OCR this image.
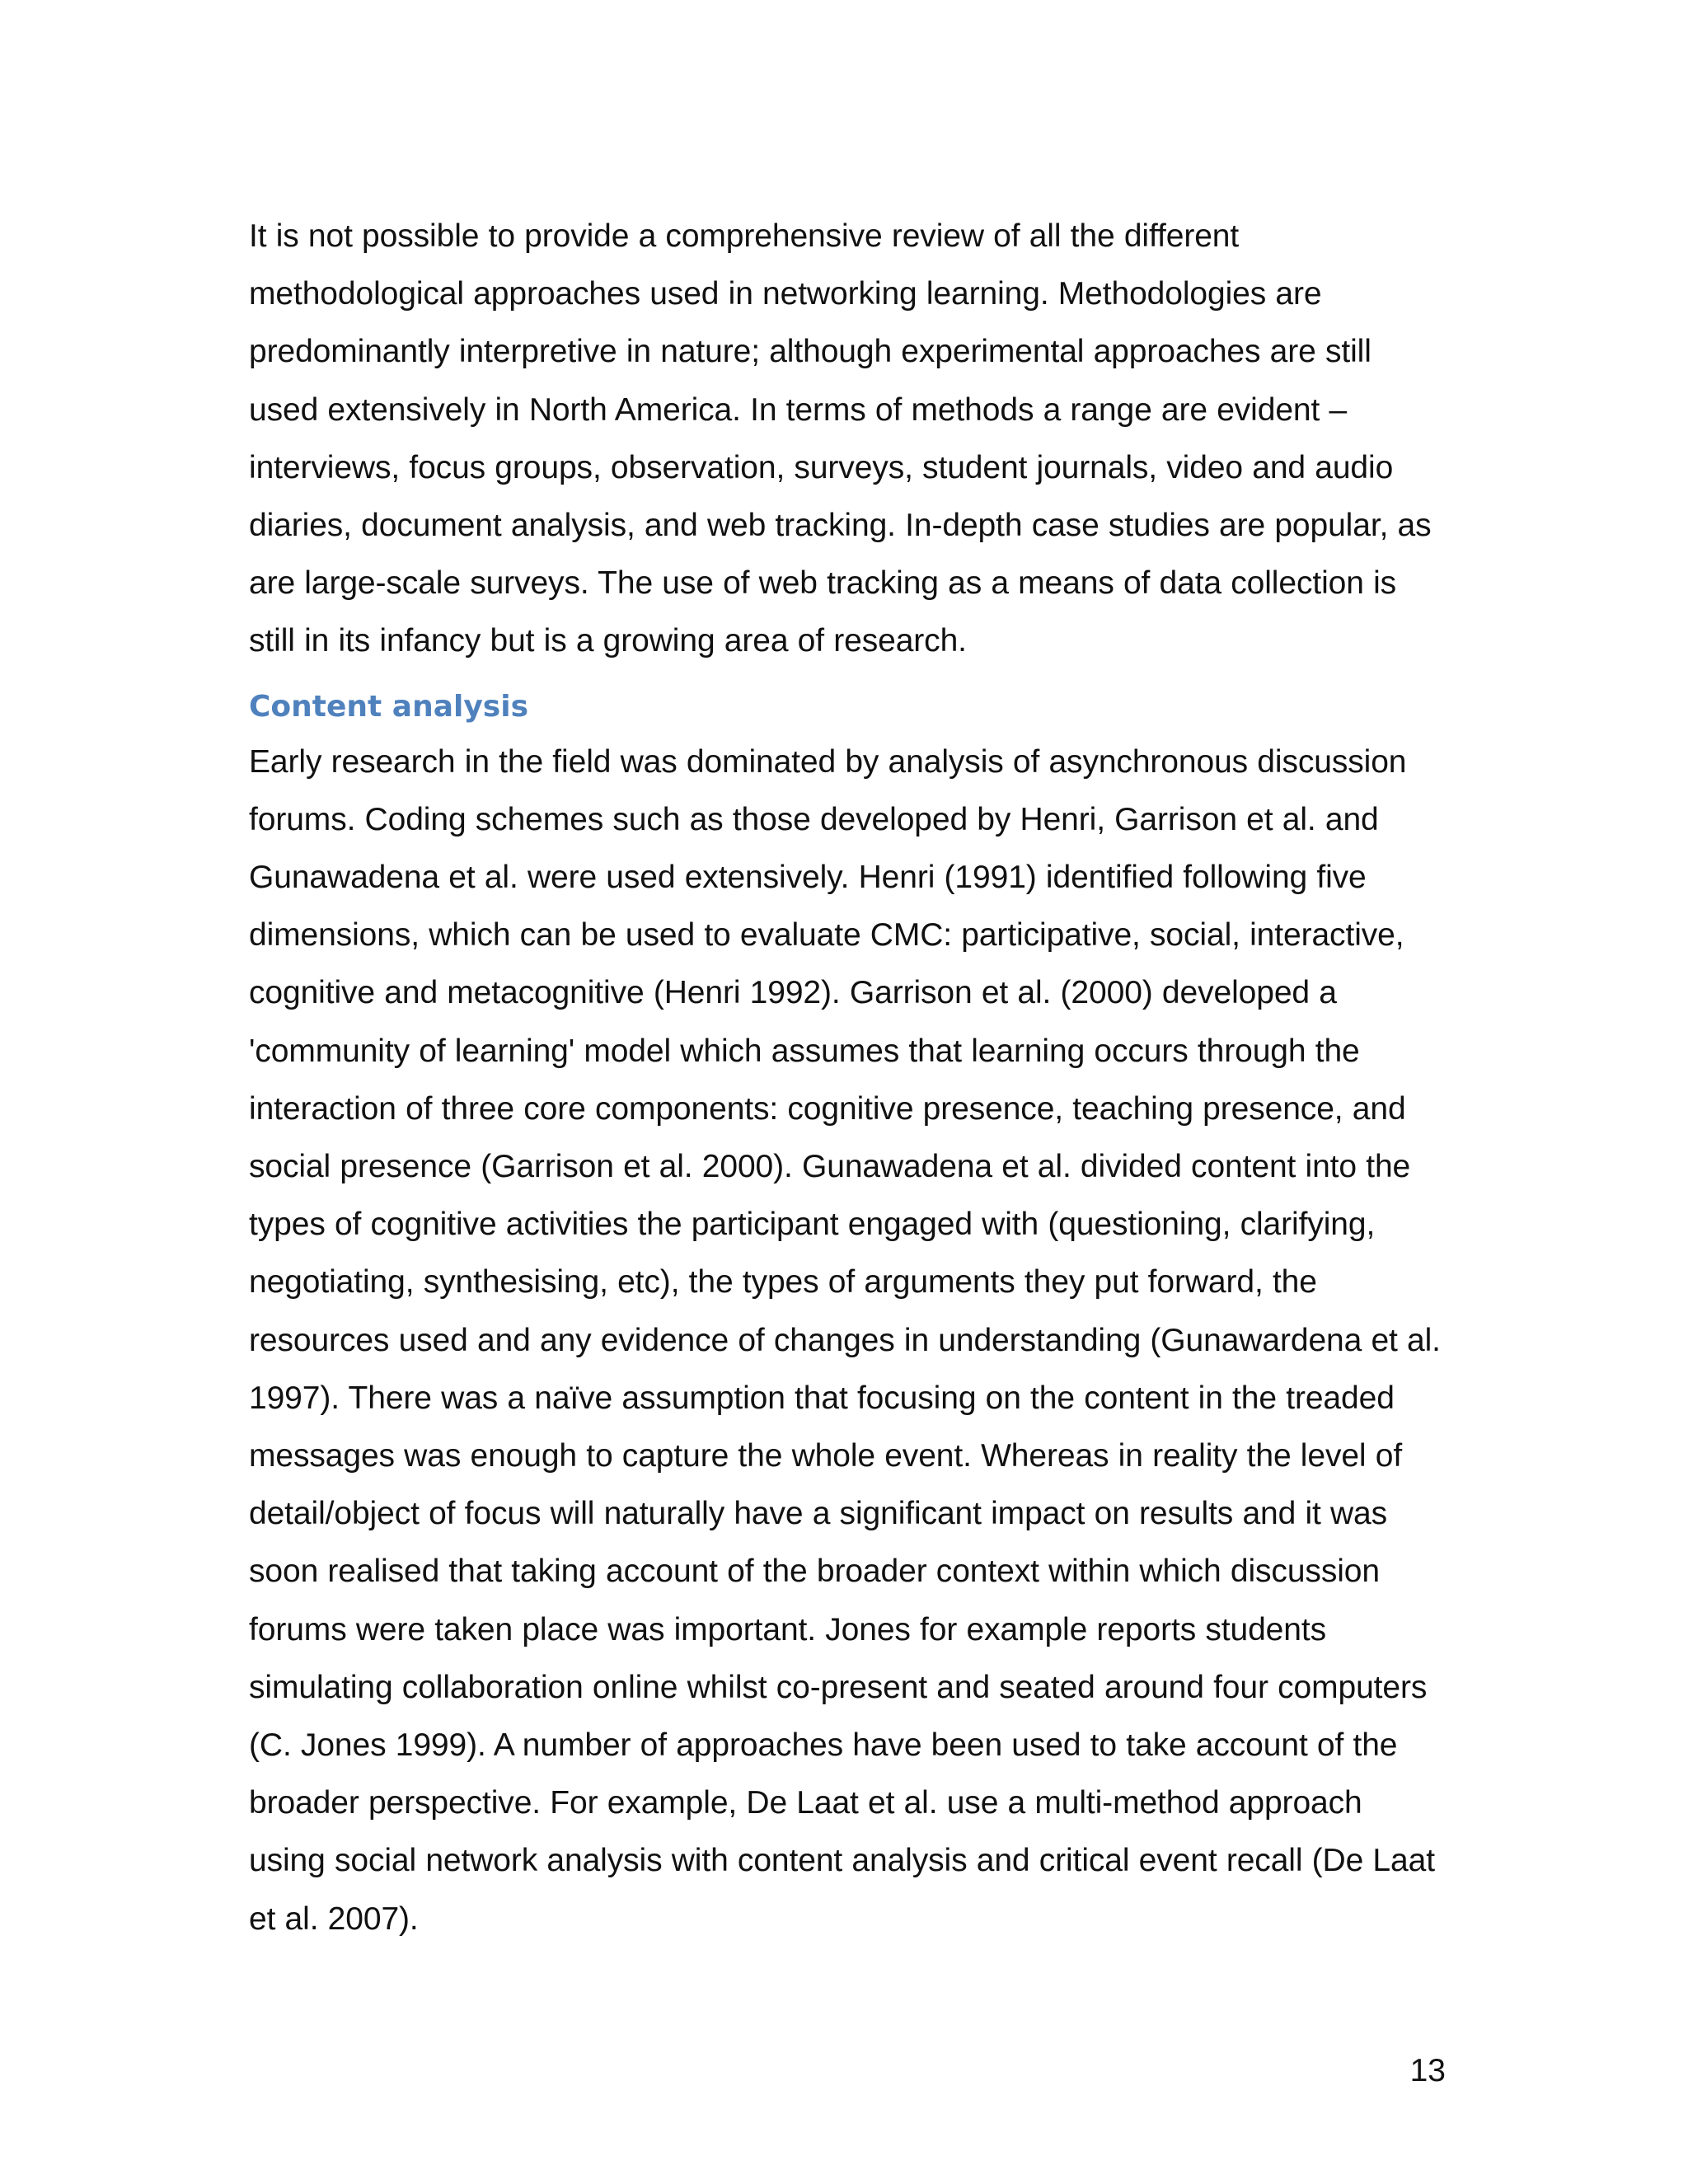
It is not possible to provide a comprehensive review of all the different methodological approaches used in networking learning. Methodologies are predominantly interpretive in nature; although experimental approaches are still used extensively in North America. In terms of methods a range are evident – interviews, focus groups, observation, surveys, student journals, video and audio diaries, document analysis, and web tracking. In-depth case studies are popular, as are large-scale surveys. The use of web tracking as a means of data collection is still in its infancy but is a growing area of research.

Content analysis

Early research in the field was dominated by analysis of asynchronous discussion forums. Coding schemes such as those developed by Henri, Garrison et al. and Gunawadena et al. were used extensively. Henri (1991) identified following five dimensions, which can be used to evaluate CMC: participative, social, interactive, cognitive and metacognitive (Henri 1992). Garrison et al. (2000) developed a 'community of learning' model which assumes that learning occurs through the interaction of three core components: cognitive presence, teaching presence, and social presence (Garrison et al. 2000). Gunawadena et al. divided content into the types of cognitive activities the participant engaged with (questioning, clarifying, negotiating, synthesising, etc), the types of arguments they put forward, the resources used and any evidence of changes in understanding (Gunawardena et al. 1997). There was a naïve assumption that focusing on the content in the treaded messages was enough to capture the whole event. Whereas in reality the level of detail/object of focus will naturally have a significant impact on results and it was soon realised that taking account of the broader context within which discussion forums were taken place was important. Jones for example reports students simulating collaboration online whilst co-present and seated around four computers (C. Jones 1999). A number of approaches have been used to take account of the broader perspective. For example, De Laat et al. use a multi-method approach using social network analysis with content analysis and critical event recall (De Laat et al. 2007).

13
